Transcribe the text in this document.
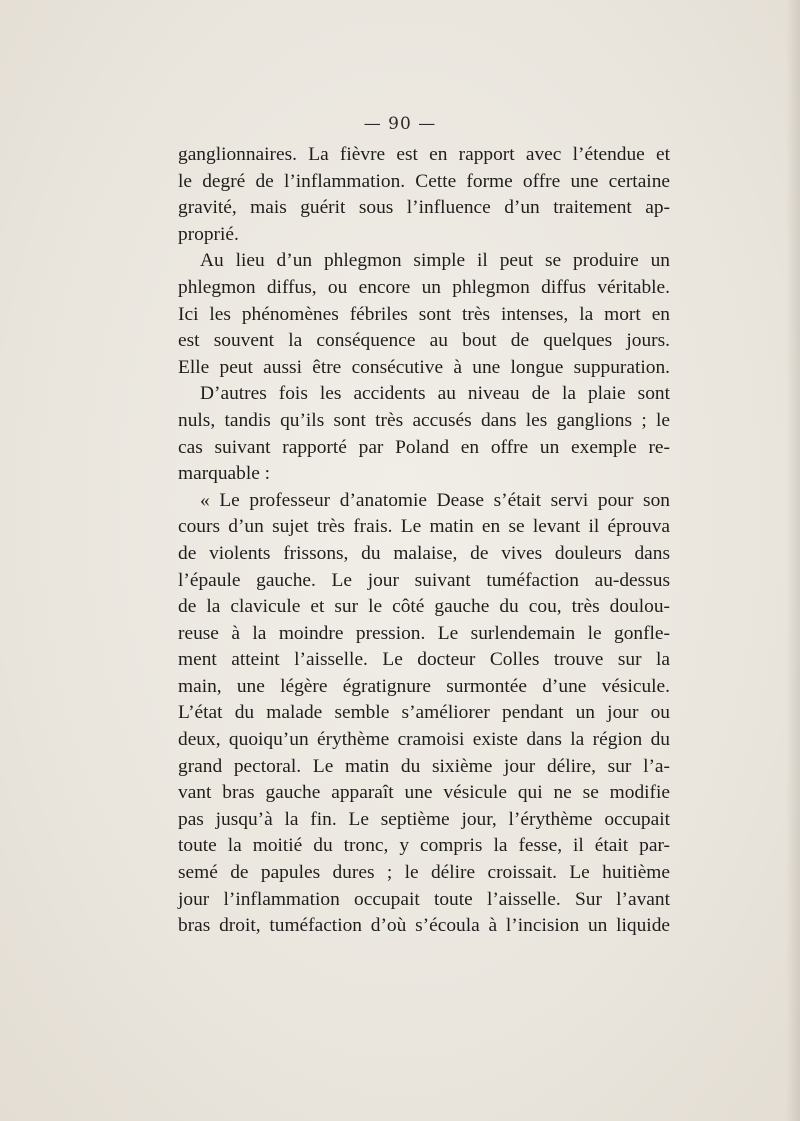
— 90 —
ganglionnaires. La fièvre est en rapport avec l’étendue et
le degré de l’inflammation. Cette forme offre une certaine
gravité, mais guérit sous l’influence d’un traitement ap-
proprié.
Au lieu d’un phlegmon simple il peut se produire un
phlegmon diffus, ou encore un phlegmon diffus véritable.
Ici les phénomènes fébriles sont très intenses, la mort en
est souvent la conséquence au bout de quelques jours.
Elle peut aussi être consécutive à une longue suppuration.
D’autres fois les accidents au niveau de la plaie sont
nuls, tandis qu’ils sont très accusés dans les ganglions ; le
cas suivant rapporté par Poland en offre un exemple re-
marquable :
« Le professeur d’anatomie Dease s’était servi pour son
cours d’un sujet très frais. Le matin en se levant il éprouva
de violents frissons, du malaise, de vives douleurs dans
l’épaule gauche. Le jour suivant tuméfaction au-dessus
de la clavicule et sur le côté gauche du cou, très doulou-
reuse à la moindre pression. Le surlendemain le gonfle-
ment atteint l’aisselle. Le docteur Colles trouve sur la
main, une légère égratignure surmontée d’une vésicule.
L’état du malade semble s’améliorer pendant un jour ou
deux, quoiqu’un érythème cramoisi existe dans la région du
grand pectoral. Le matin du sixième jour délire, sur l’a-
vant bras gauche apparaît une vésicule qui ne se modifie
pas jusqu’à la fin. Le septième jour, l’érythème occupait
toute la moitié du tronc, y compris la fesse, il était par-
semé de papules dures ; le délire croissait. Le huitième
jour l’inflammation occupait toute l’aisselle. Sur l’avant
bras droit, tuméfaction d’où s’écoula à l’incision un liquide
